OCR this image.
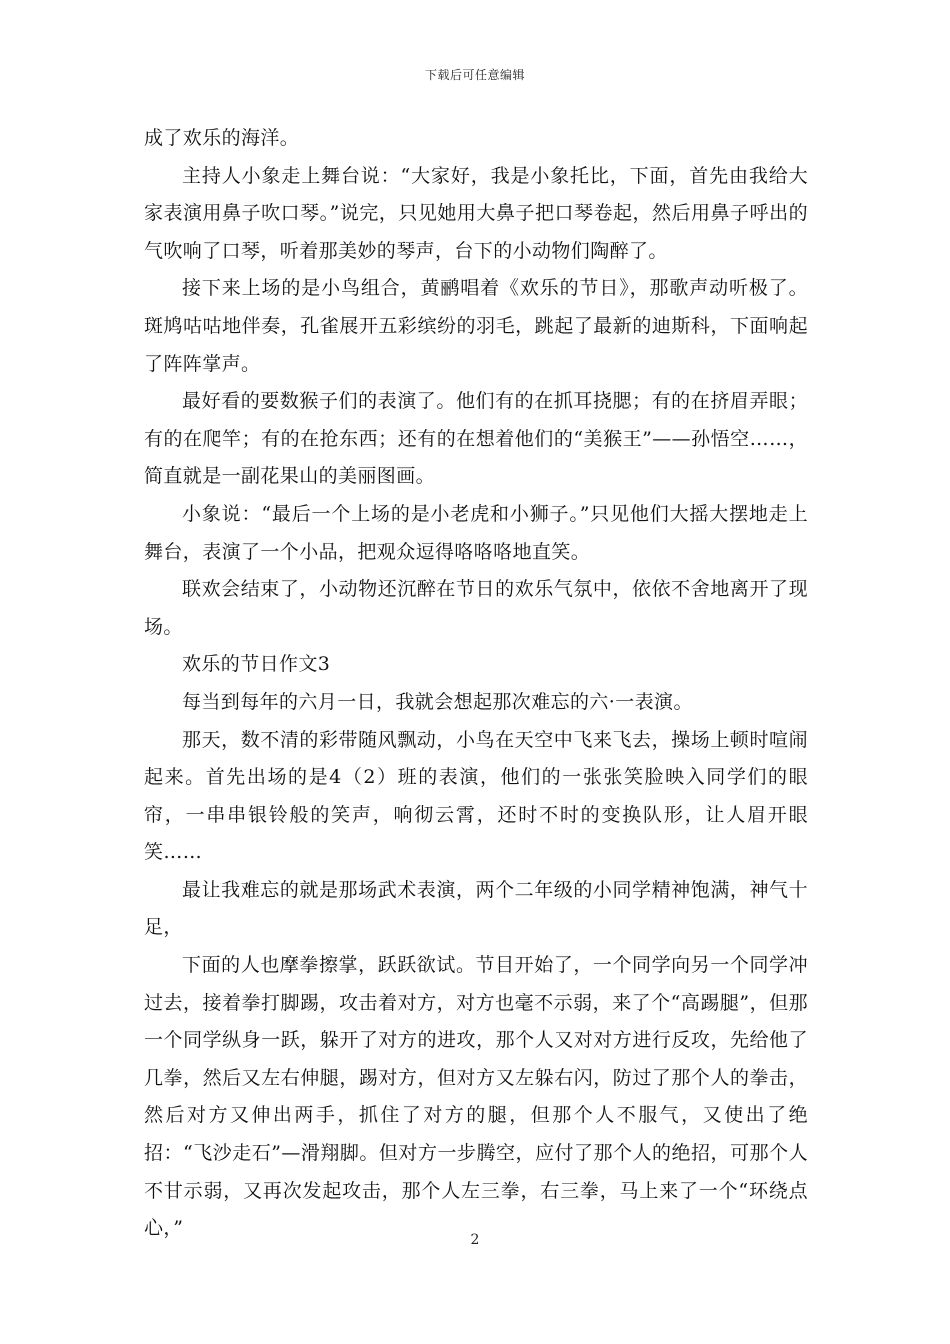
下载后可任意编辑

成了欢乐的海洋。

主持人小象走上舞台说：“大家好，我是小象托比，下面，首先由我给大家表演用鼻子吹口琴。”说完，只见她用大鼻子把口琴卷起，然后用鼻子呼出的气吹响了口琴，听着那美妙的琴声，台下的小动物们陶醉了。

接下来上场的是小鸟组合，黄鹂唱着《欢乐的节日》，那歌声动听极了。斑鸠咕咕地伴奏，孔雀展开五彩缤纷的羽毛，跳起了最新的迪斯科，下面响起了阵阵掌声。

最好看的要数猴子们的表演了。他们有的在抓耳挠腮；有的在挤眉弄眼；有的在爬竿；有的在抢东西；还有的在想着他们的“美猴王”——孙悟空……，简直就是一副花果山的美丽图画。

小象说：“最后一个上场的是小老虎和小狮子。”只见他们大摇大摆地走上舞台，表演了一个小品，把观众逗得咯咯咯地直笑。

联欢会结束了，小动物还沉醉在节日的欢乐气氛中，依依不舍地离开了现场。

欢乐的节日作文3

每当到每年的六月一日，我就会想起那次难忘的六·一表演。

那天，数不清的彩带随风飘动，小鸟在天空中飞来飞去，操场上顿时喧闹起来。首先出场的是4（2）班的表演，他们的一张张笑脸映入同学们的眼帘，一串串银铃般的笑声，响彻云霄，还时不时的变换队形，让人眉开眼笑……

最让我难忘的就是那场武术表演，两个二年级的小同学精神饱满，神气十足，

下面的人也摩拳擦掌，跃跃欲试。节目开始了，一个同学向另一个同学冲过去，接着拳打脚踢，攻击着对方，对方也毫不示弱，来了个“高踢腿”，但那一个同学纵身一跃，躲开了对方的进攻，那个人又对对方进行反攻，先给他了几拳，然后又左右伸腿，踢对方，但对方又左躲右闪，防过了那个人的拳击，然后对方又伸出两手，抓住了对方的腿，但那个人不服气，又使出了绝招：“飞沙走石”—滑翔脚。但对方一步腾空，应付了那个人的绝招，可那个人不甘示弱，又再次发起攻击，那个人左三拳，右三拳，马上来了一个“环绕点心，”

2
